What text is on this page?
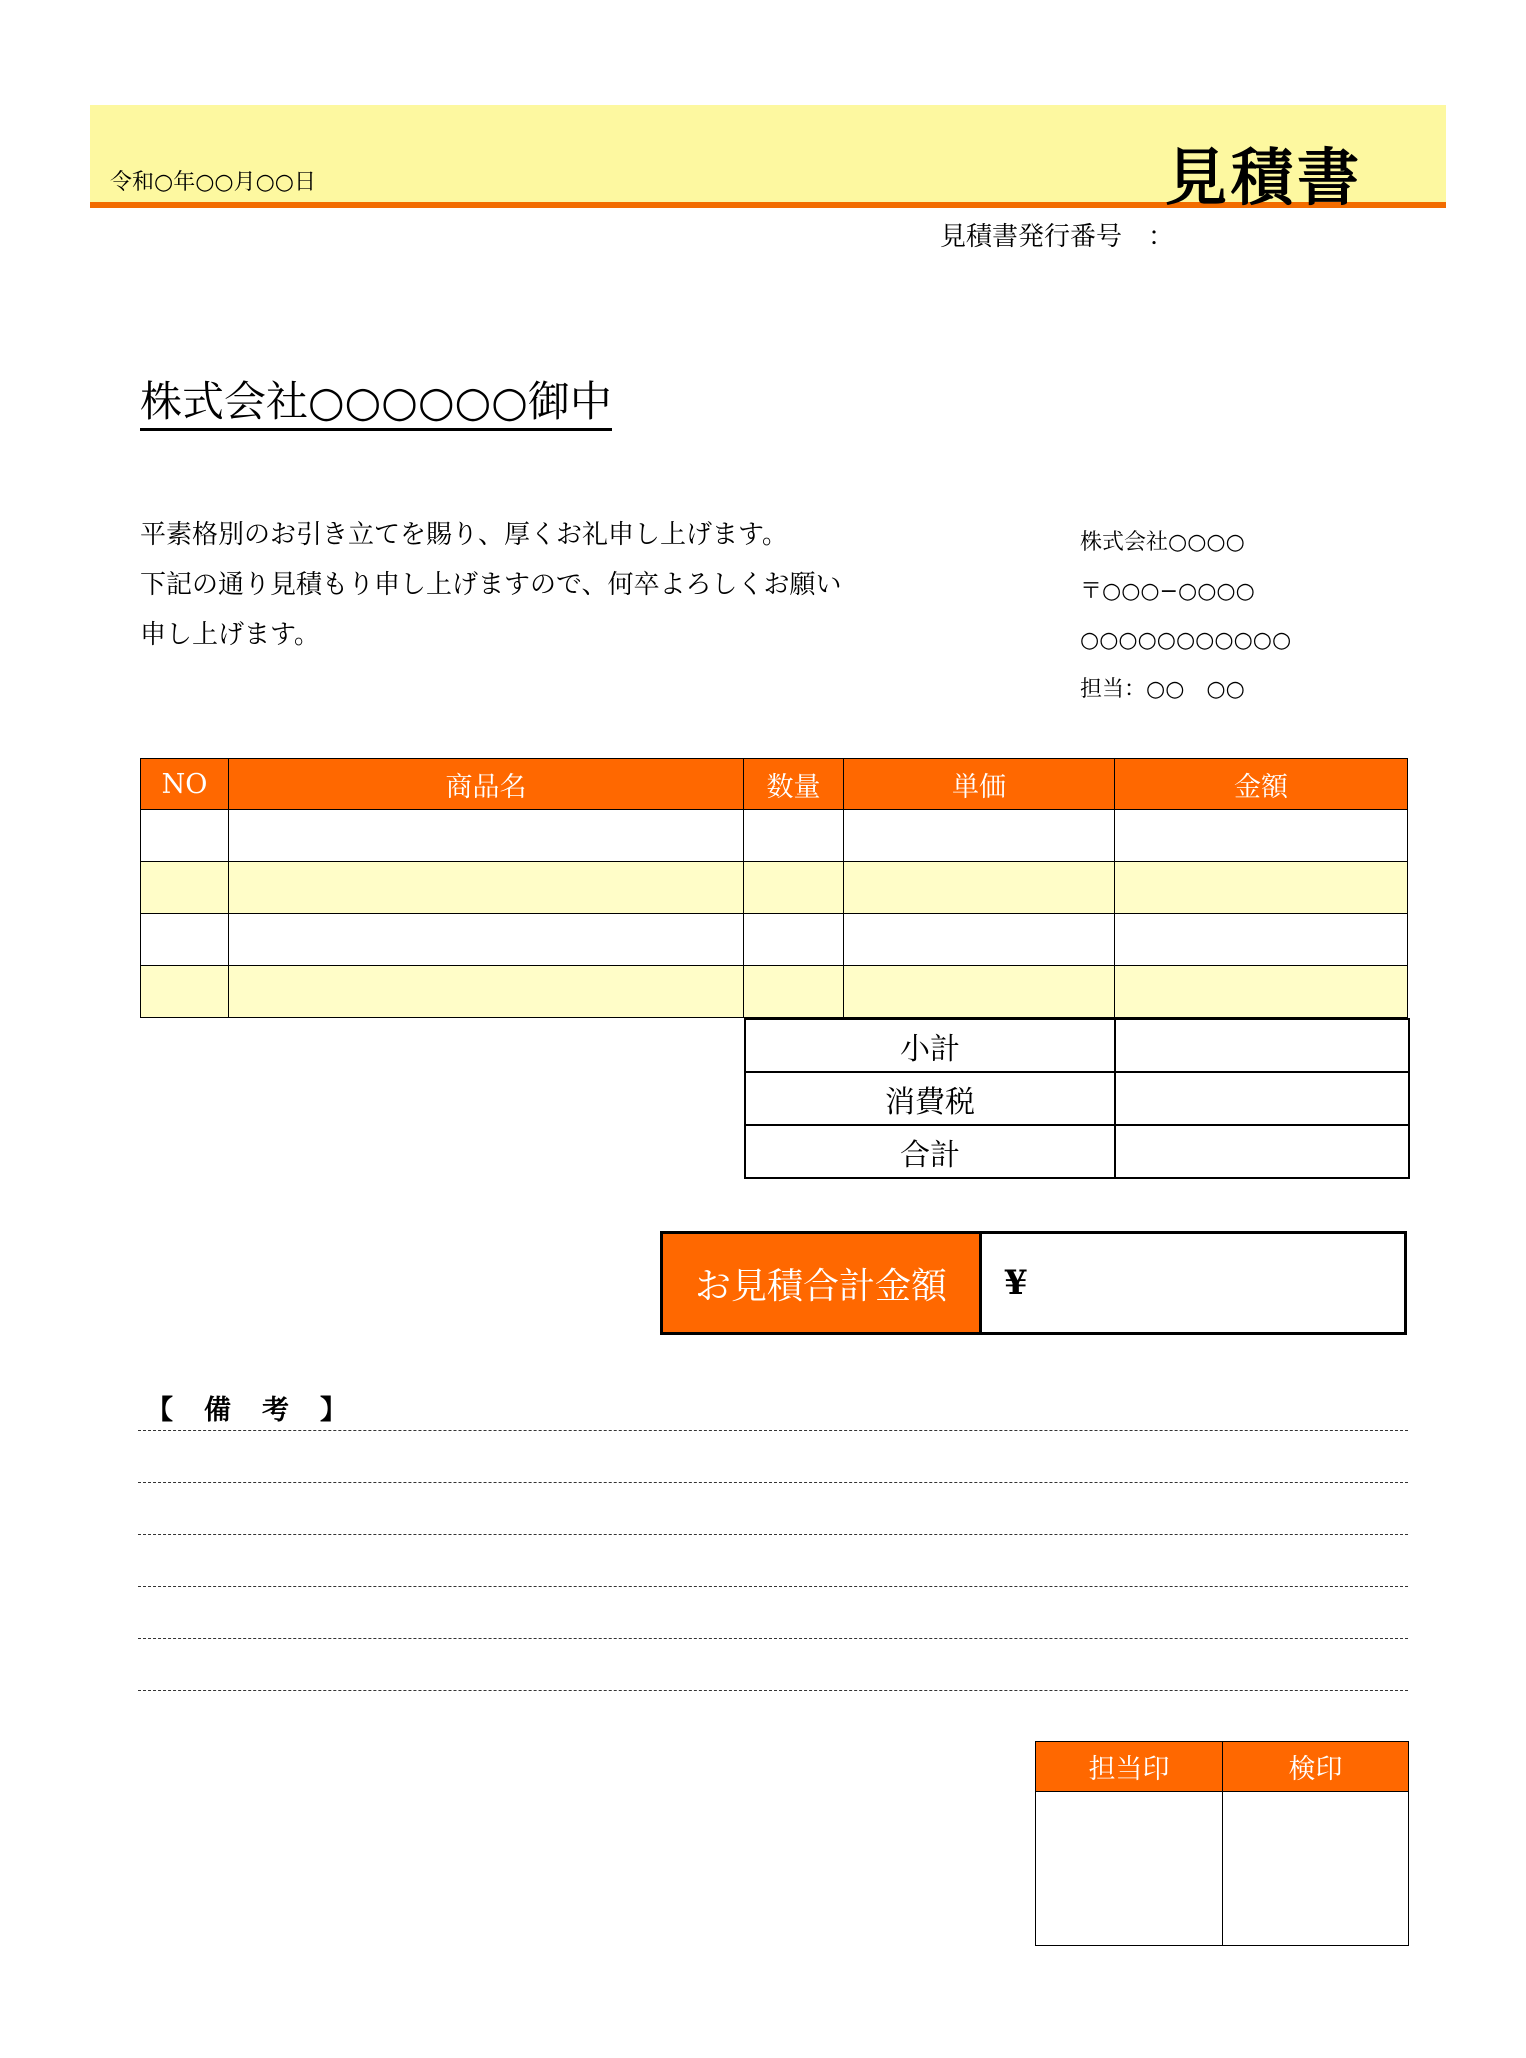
令和○年○○月○○日	見積書
見積書発行番号　：
株式会社○○○○○○御中
平素格別のお引き立てを賜り、厚くお礼申し上げます。
下記の通り見積もり申し上げますので、何卒よろしくお願い
申し上げます。
株式会社○○○○
〒○○○−○○○○
○○○○○○○○○○○
担当：○○　○○
NO	商品名	数量	単価	金額

小計	
消費税	
合計	
お見積合計金額	¥
【　備　考　】
担当印	検印
